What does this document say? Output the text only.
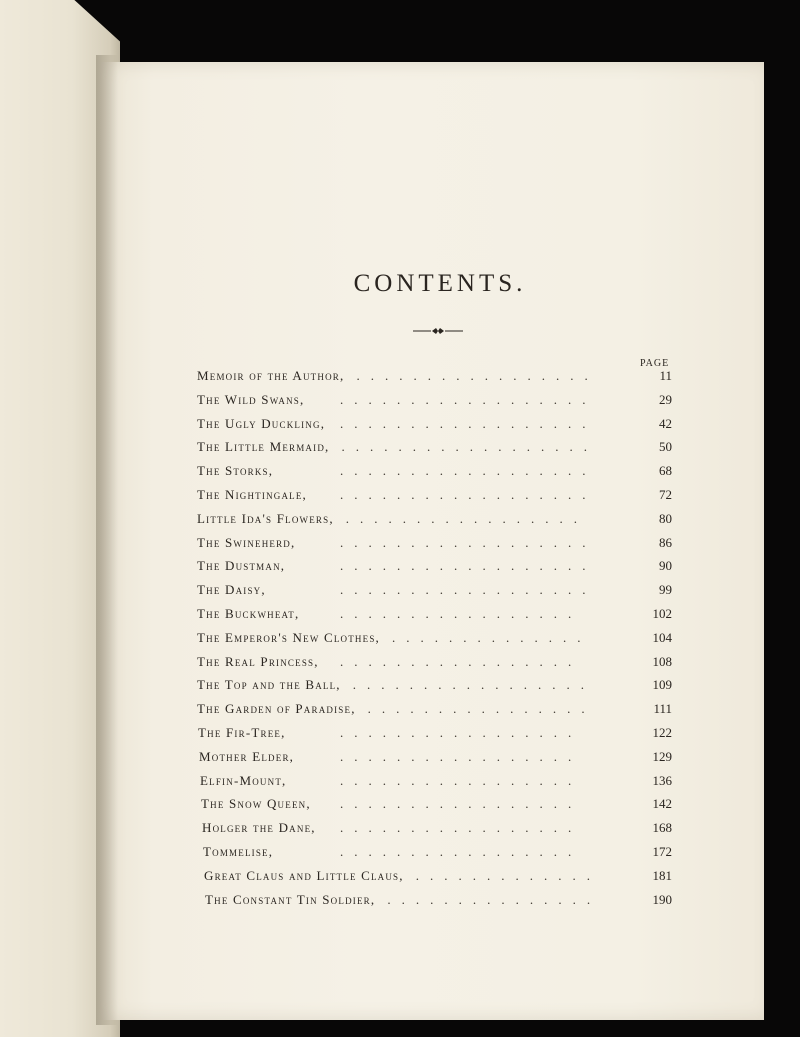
CONTENTS.
PAGE
Memoir of the Author, .................	11
The Wild Swans,	..................	29
The Ugly Duckling, ..................	42
The Little Mermaid, ..................	50
The Storks,	..................	68
The Nightingale,	..................	72
Little Ida's Flowers, .................	80
The Swineherd,	..................	86
The Dustman,	..................	90
The Daisy,	..................	99
The Buckwheat,	.................	102
The Emperor's New Clothes, ..............	104
The Real Princess, .................	108
The Top and the Ball, .................	109
The Garden of Paradise, ................	111
The Fir-Tree,	.................	122
Mother Elder,	.................	129
Elfin-Mount,	.................	136
The Snow Queen, .................	142
Holger the Dane, .................	168
Tommelise,	.................	172
Great Claus and Little Claus, .............	181
The Constant Tin Soldier, ...............	190
